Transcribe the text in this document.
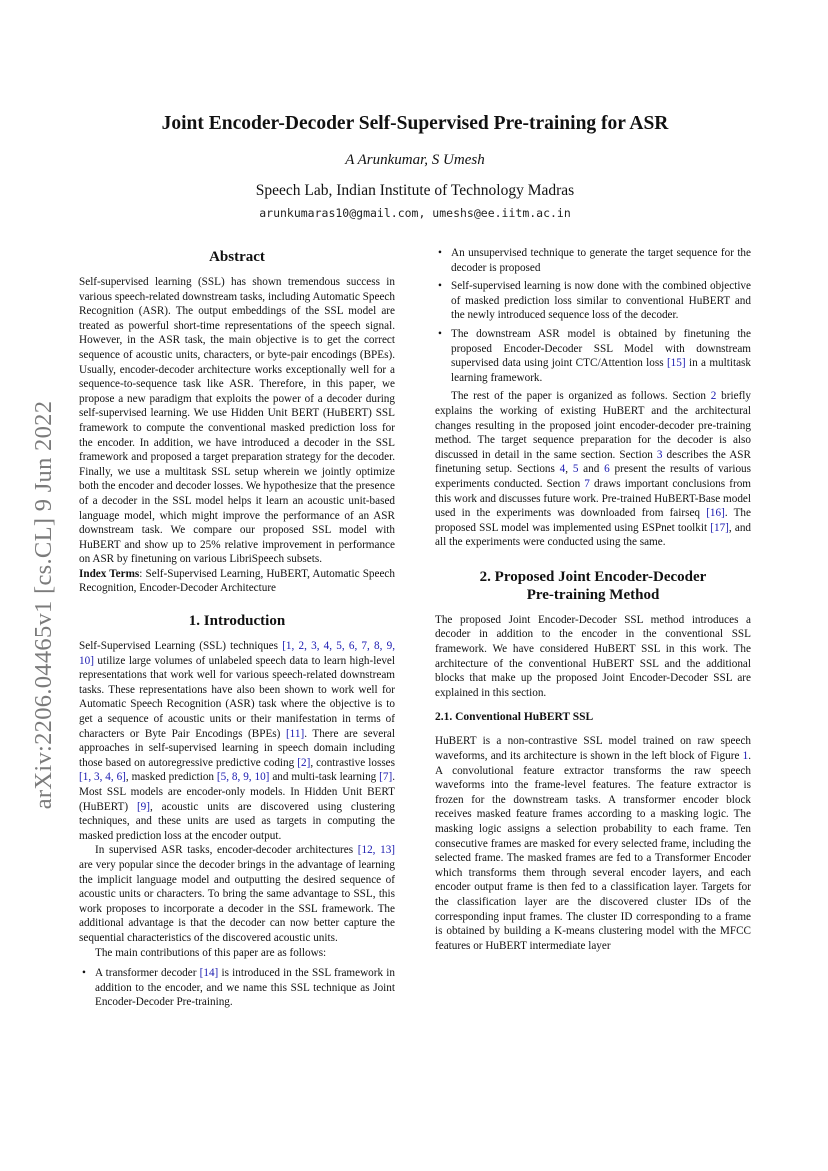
arXiv:2206.04465v1 [cs.CL] 9 Jun 2022
Joint Encoder-Decoder Self-Supervised Pre-training for ASR
A Arunkumar, S Umesh
Speech Lab, Indian Institute of Technology Madras
arunkumaras10@gmail.com, umeshs@ee.iitm.ac.in
Abstract

Self-supervised learning (SSL) has shown tremendous success in various speech-related downstream tasks, including Automatic Speech Recognition (ASR). The output embeddings of the SSL model are treated as powerful short-time representations of the speech signal. However, in the ASR task, the main objective is to get the correct sequence of acoustic units, characters, or byte-pair encodings (BPEs). Usually, encoder-decoder architecture works exceptionally well for a sequence-to-sequence task like ASR. Therefore, in this paper, we propose a new paradigm that exploits the power of a decoder during self-supervised learning. We use Hidden Unit BERT (HuBERT) SSL framework to compute the conventional masked prediction loss for the encoder. In addition, we have introduced a decoder in the SSL framework and proposed a target preparation strategy for the decoder. Finally, we use a multitask SSL setup wherein we jointly optimize both the encoder and decoder losses. We hypothesize that the presence of a decoder in the SSL model helps it learn an acoustic unit-based language model, which might improve the performance of an ASR downstream task. We compare our proposed SSL model with HuBERT and show up to 25% relative improvement in performance on ASR by finetuning on various LibriSpeech subsets.

Index Terms: Self-Supervised Learning, HuBERT, Automatic Speech Recognition, Encoder-Decoder Architecture

1. Introduction

Self-Supervised Learning (SSL) techniques [1, 2, 3, 4, 5, 6, 7, 8, 9, 10] utilize large volumes of unlabeled speech data to learn high-level representations that work well for various speech-related downstream tasks. These representations have also been shown to work well for Automatic Speech Recognition (ASR) task where the objective is to get a sequence of acoustic units or their manifestation in terms of characters or Byte Pair Encodings (BPEs) [11]. There are several approaches in self-supervised learning in speech domain including those based on autoregressive predictive coding [2], contrastive losses [1, 3, 4, 6], masked prediction [5, 8, 9, 10] and multi-task learning [7]. Most SSL models are encoder-only models. In Hidden Unit BERT (HuBERT) [9], acoustic units are discovered using clustering techniques, and these units are used as targets in computing the masked prediction loss at the encoder output.

In supervised ASR tasks, encoder-decoder architectures [12, 13] are very popular since the decoder brings in the advantage of learning the implicit language model and outputting the desired sequence of acoustic units or characters. To bring the same advantage to SSL, this work proposes to incorporate a decoder in the SSL framework. The additional advantage is that the decoder can now better capture the sequential characteristics of the discovered acoustic units.

The main contributions of this paper are as follows:

• A transformer decoder [14] is introduced in the SSL framework in addition to the encoder, and we name this SSL technique as Joint Encoder-Decoder Pre-training.
• An unsupervised technique to generate the target sequence for the decoder is proposed
• Self-supervised learning is now done with the combined objective of masked prediction loss similar to conventional HuBERT and the newly introduced sequence loss of the decoder.
• The downstream ASR model is obtained by finetuning the proposed Encoder-Decoder SSL Model with downstream supervised data using joint CTC/Attention loss [15] in a multitask learning framework.

The rest of the paper is organized as follows. Section 2 briefly explains the working of existing HuBERT and the architectural changes resulting in the proposed joint encoder-decoder pre-training method. The target sequence preparation for the decoder is also discussed in detail in the same section. Section 3 describes the ASR finetuning setup. Sections 4, 5 and 6 present the results of various experiments conducted. Section 7 draws important conclusions from this work and discusses future work. Pre-trained HuBERT-Base model used in the experiments was downloaded from fairseq [16]. The proposed SSL model was implemented using ESPnet toolkit [17], and all the experiments were conducted using the same.

2. Proposed Joint Encoder-Decoder Pre-training Method

The proposed Joint Encoder-Decoder SSL method introduces a decoder in addition to the encoder in the conventional SSL framework. We have considered HuBERT SSL in this work. The architecture of the conventional HuBERT SSL and the additional blocks that make up the proposed Joint Encoder-Decoder SSL are explained in this section.

2.1. Conventional HuBERT SSL

HuBERT is a non-contrastive SSL model trained on raw speech waveforms, and its architecture is shown in the left block of Figure 1. A convolutional feature extractor transforms the raw speech waveforms into the frame-level features. The feature extractor is frozen for the downstream tasks. A transformer encoder block receives masked feature frames according to a masking logic. The masking logic assigns a selection probability to each frame. Ten consecutive frames are masked for every selected frame, including the selected frame. The masked frames are fed to a Transformer Encoder which transforms them through several encoder layers, and each encoder output frame is then fed to a classification layer. Targets for the classification layer are the discovered cluster IDs of the corresponding input frames. The cluster ID corresponding to a frame is obtained by building a K-means clustering model with the MFCC features or HuBERT intermediate layer
